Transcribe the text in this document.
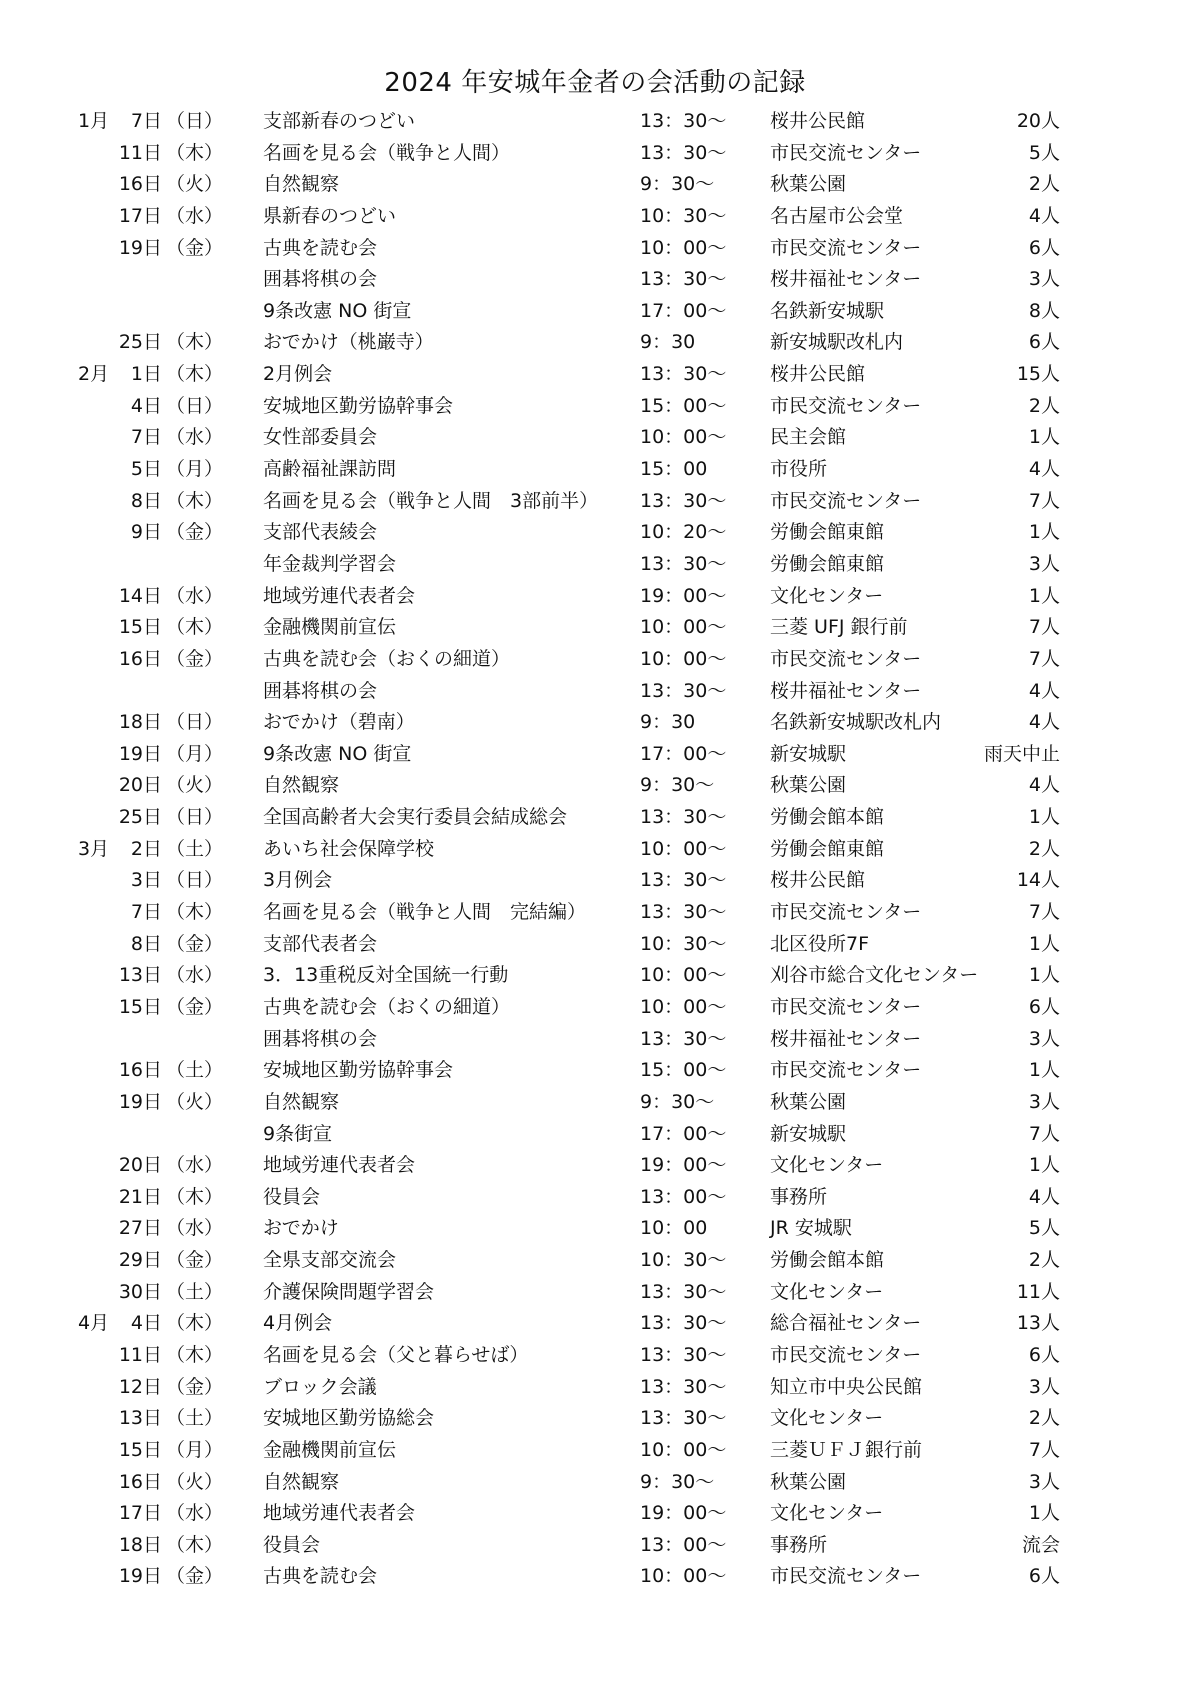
2024 年安城年金者の会活動の記録
1月 7日 （日） 支部新春のつどい	13：30～ 桜井公民館	20人
11日 （木） 名画を見る会（戦争と人間）	13：30～ 市民交流センター	5人
16日 （火） 自然観察	9：30～	秋葉公園	2人
17日 （水） 県新春のつどい	10：30～ 名古屋市公会堂	4人
19日 （金） 古典を読む会	10：00～ 市民交流センター	6人
囲碁将棋の会	13：30～ 桜井福祉センター	3人
9条改憲 NO 街宣	17：00～ 名鉄新安城駅	8人
25日 （木） おでかけ（桃巌寺）	9：30	新安城駅改札内	6人
2月 1日 （木） 2月例会	13：30～ 桜井公民館	15人
4日 （日） 安城地区勤労協幹事会	15：00～ 市民交流センター	2人
7日 （水） 女性部委員会	10：00～ 民主会館	1人
5日 （月） 高齢福祉課訪問	15：00	市役所	4人
8日 （木） 名画を見る会（戦争と人間　3部前半） 13：30～ 市民交流センター	7人
9日 （金） 支部代表綾会	10：20～ 労働会館東館	1人
年金裁判学習会	13：30～ 労働会館東館	3人
14日 （水） 地域労連代表者会	19：00～ 文化センター	1人
15日 （木） 金融機関前宣伝	10：00～ 三菱 UFJ 銀行前	7人
16日 （金） 古典を読む会（おくの細道）	10：00～ 市民交流センター	7人
囲碁将棋の会	13：30～ 桜井福祉センター	4人
18日 （日） おでかけ（碧南）	9：30	名鉄新安城駅改札内	4人
19日 （月） 9条改憲 NO 街宣	17：00～ 新安城駅	雨天中止
20日 （火） 自然観察	9：30～	秋葉公園	4人
25日 （日） 全国高齢者大会実行委員会結成総会	13：30～ 労働会館本館	1人
3月 2日 （土） あいち社会保障学校	10：00～ 労働会館東館	2人
3日 （日） 3月例会	13：30～ 桜井公民館	14人
7日 （木） 名画を見る会（戦争と人間　完結編）	13：30～ 市民交流センター	7人
8日 （金） 支部代表者会	10：30～ 北区役所7F	1人
13日 （水） 3．13重税反対全国統一行動	10：00～ 刈谷市総合文化センター	1人
15日 （金） 古典を読む会（おくの細道）	10：00～ 市民交流センター	6人
囲碁将棋の会	13：30～ 桜井福祉センター	3人
16日 （土） 安城地区勤労協幹事会	15：00～ 市民交流センター	1人
19日 （火） 自然観察	9：30～	秋葉公園	3人
9条街宣	17：00～ 新安城駅	7人
20日 （水） 地域労連代表者会	19：00～ 文化センター	1人
21日 （木） 役員会	13：00～ 事務所	4人
27日 （水） おでかけ	10：00	JR 安城駅	5人
29日 （金） 全県支部交流会	10：30～ 労働会館本館	2人
30日 （土） 介護保険問題学習会	13：30～ 文化センター	11人
4月 4日 （木） 4月例会	13：30～ 総合福祉センター	13人
11日 （木） 名画を見る会（父と暮らせば）	13：30～ 市民交流センター	6人
12日 （金） ブロック会議	13：30～ 知立市中央公民館	3人
13日 （土） 安城地区勤労協総会	13：30～ 文化センター	2人
15日 （月） 金融機関前宣伝	10：00～ 三菱ＵＦＪ銀行前	7人
16日 （火） 自然観察	9：30～	秋葉公園	3人
17日 （水） 地域労連代表者会	19：00～ 文化センター	1人
18日 （木） 役員会	13：00～ 事務所	流会
19日 （金） 古典を読む会	10：00～ 市民交流センター	6人
